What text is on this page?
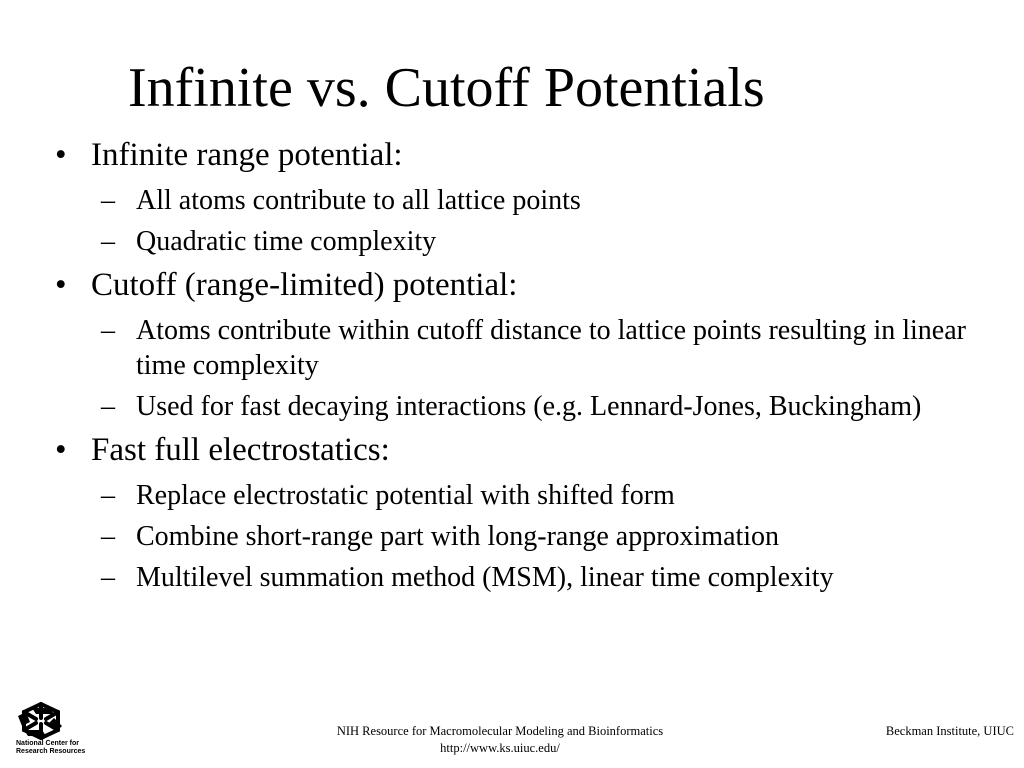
Infinite vs. Cutoff Potentials
• Infinite range potential:
– All atoms contribute to all lattice points
– Quadratic time complexity
• Cutoff (range-limited) potential:
– Atoms contribute within cutoff distance to lattice points resulting in linear time complexity
– Used for fast decaying interactions (e.g. Lennard-Jones, Buckingham)
• Fast full electrostatics:
– Replace electrostatic potential with shifted form
– Combine short-range part with long-range approximation
– Multilevel summation method (MSM), linear time complexity
National Center for
Research Resources
NIH Resource for Macromolecular Modeling and Bioinformatics
http://www.ks.uiuc.edu/
Beckman Institute, UIUC
